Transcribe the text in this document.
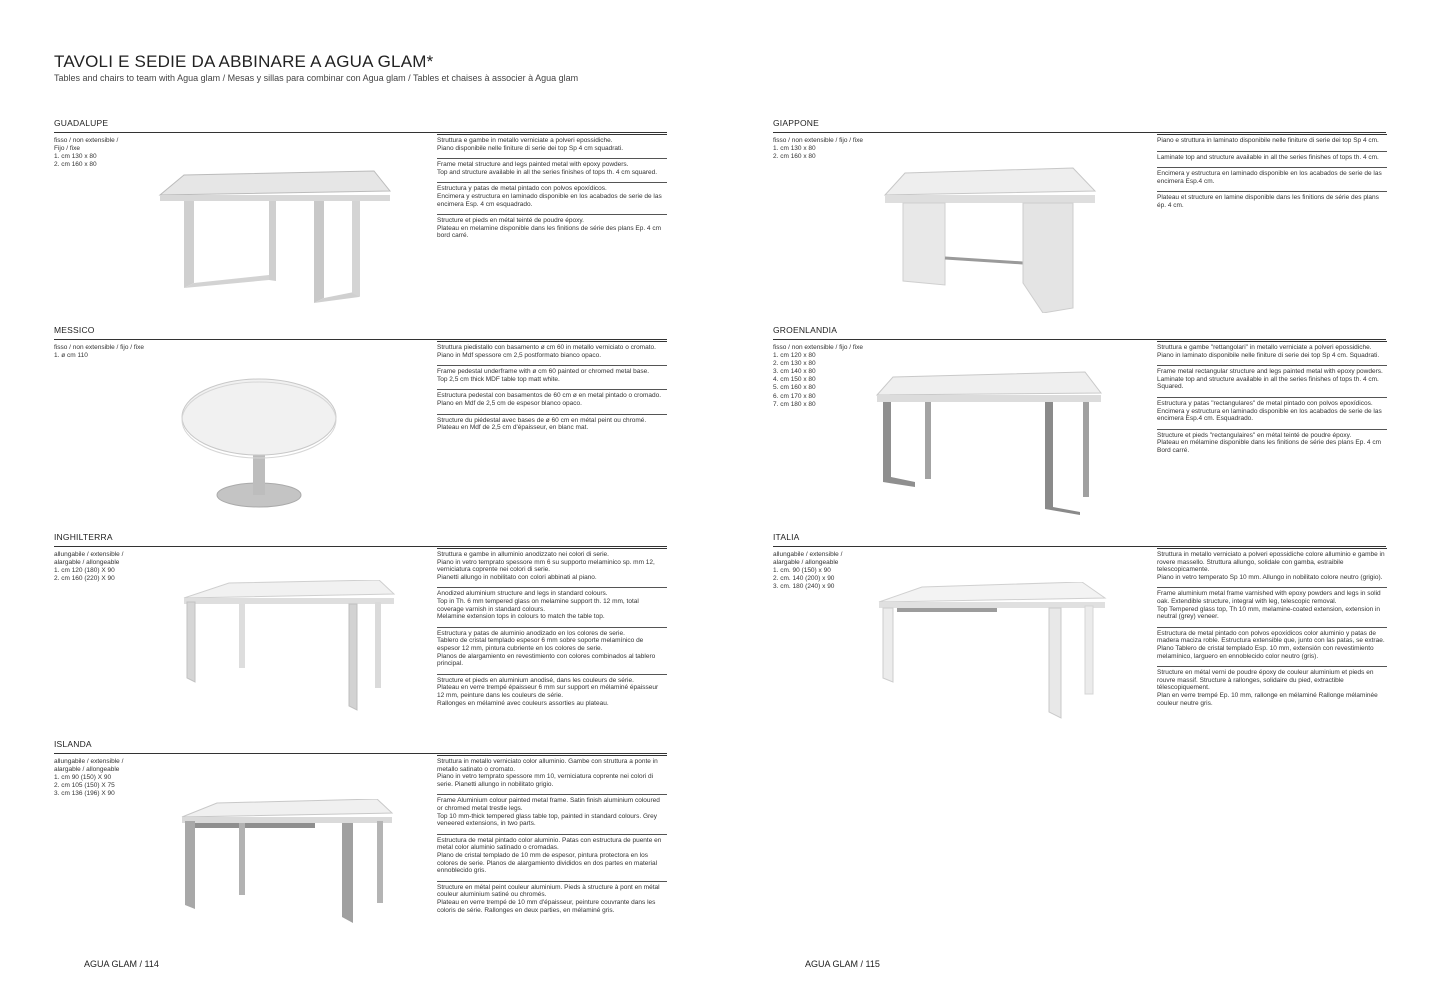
TAVOLI E SEDIE DA ABBINARE A AGUA GLAM*
Tables and chairs to team with Agua glam / Mesas y sillas para combinar con Agua glam / Tables et chaises à associer à Agua glam
GUADALUPE
fisso / non extensible /
Fijo / fixe
1. cm 130 x 80
2. cm 160 x 80
Struttura e gambe in metallo verniciate a polveri epossidiche.
Piano disponibile nelle finiture di serie dei top Sp 4 cm squadrati.
Frame metal structure and legs painted metal with epoxy powders.
Top and structure available in all the series finishes of tops th. 4 cm squared.
Estructura y patas de metal pintado con polvos epoxídicos.
Encimera y estructura en laminado disponible en los acabados de serie de las encimera Esp. 4 cm esquadrado.
Structure et pieds en métal teinté de poudre époxy.
Plateau en melamine disponible dans les finitions de série des plans Ep. 4 cm bord carré.
GIAPPONE
fisso / non extensible / fijo / fixe
1. cm 130 x 80
2. cm 160 x 80
Piano e struttura in laminato disponibile nelle finiture di serie dei top Sp 4 cm.
Laminate top and structure available in all the series finishes of tops th. 4 cm.
Encimera y estructura en laminado disponible en los acabados de serie de las encimera Esp.4 cm.
Plateau et structure en lamine disponible dans les finitions de série des plans ép. 4 cm.
MESSICO
fisso / non extensible / fijo / fixe
1. ø cm 110
Struttura piedistallo con basamento ø cm 60 in metallo verniciato o cromato.
Piano in Mdf spessore cm 2,5 postformato bianco opaco.
Frame pedestal underframe with ø cm 60 painted or chromed metal base.
Top 2,5 cm thick MDF table top matt white.
Estructura pedestal con basamentos de 60 cm ø en metal pintado o cromado.
Plano en Mdf de 2,5 cm de espesor blanco opaco.
Structure du piédestal avec bases de ø 60 cm en métal peint ou chromé.
Plateau en Mdf de 2,5 cm d'épaisseur, en blanc mat.
GROENLANDIA
fisso / non extensible / fijo / fixe
1. cm 120 x 80
2. cm 130 x 80
3. cm 140 x 80
4. cm 150 x 80
5. cm 160 x 80
6. cm 170 x 80
7. cm 180 x 80
Struttura e gambe "rettangolari" in metallo verniciate a polveri epossidiche.
Piano in laminato disponibile nelle finiture di serie dei top Sp 4 cm. Squadrati.
Frame metal rectangular structure and legs painted metal with epoxy powders.
Laminate top and structure available in all the series finishes of tops th. 4 cm. Squared.
Estructura y patas "rectangulares" de metal pintado con polvos epoxídicos.
Encimera y estructura en laminado disponible en los acabados de serie de las encimera Esp.4 cm. Esquadrado.
Structure et pieds "rectangulaires" en métal teinté de poudre époxy.
Plateau en mélamine disponible dans les finitions de série des plans Ep. 4 cm Bord carré.
INGHILTERRA
allungabile / extensible /
alargable / allongeable
1. cm 120 (180) X 90
2. cm 160 (220) X 90
Struttura e gambe in alluminio anodizzato nei colori di serie.
Piano in vetro temprato spessore mm 6 su supporto melaminico sp. mm 12, verniciatura coprente nei colori di serie.
Pianetti allungo in nobilitato con colori abbinati al piano.
Anodized aluminium structure and legs in standard colours.
Top in Th. 6 mm tempered glass on melamine support th. 12 mm, total coverage varnish in standard colours.
Melamine extension tops in colours to match the table top.
Estructura y patas de aluminio anodizado en los colores de serie.
Tablero de cristal templado espesor 6 mm sobre soporte melamínico de espesor 12 mm, pintura cubriente en los colores de serie.
Planos de alargamiento en revestimiento con colores combinados al tablero principal.
Structure et pieds en aluminium anodisé, dans les couleurs de série.
Plateau en verre trempé épaisseur 6 mm sur support en mélaminé épaisseur 12 mm, peinture dans les couleurs de série.
Rallonges en mélaminé avec couleurs assorties au plateau.
ITALIA
allungabile / extensible /
alargable / allongeable
1. cm. 90 (150) x 90
2. cm. 140 (200) x 90
3. cm. 180 (240) x 90
Struttura in metallo verniciato a polveri epossidiche colore alluminio e gambe in rovere massello. Struttura allungo, solidale con gamba, estraibile telescopicamente.
Piano in vetro temperato Sp 10 mm. Allungo in nobilitato colore neutro (grigio).
Frame aluminium metal frame varnished with epoxy powders and legs in solid oak. Extendible structure, integral with leg, telescopic removal.
Top Tempered glass top, Th 10 mm, melamine-coated extension, extension in neutral (grey) veneer.
Estructura de metal pintado con polvos epoxídicos color aluminio y patas de madera maciza roble. Estructura extensible que, junto con las patas, se extrae.
Plano Tablero de cristal templado Esp. 10 mm, extensión con revestimiento melamínico, larguero en ennoblecido color neutro (gris).
Structure en métal verni de poudre époxy de couleur aluminium et pieds en rouvre massif. Structure à rallonges, solidaire du pied, extractible télescopiquement.
Plan en verre trempé Ep. 10 mm, rallonge en mélaminé Rallonge mélaminée couleur neutre gris.
ISLANDA
allungabile / extensible /
alargable / allongeable
1. cm 90 (150) X 90
2. cm 105 (150) X 75
3. cm 136 (196) X 90
Struttura in metallo verniciato color alluminio. Gambe con struttura a ponte in metallo satinato o cromato.
Piano in vetro temprato spessore mm 10, verniciatura coprente nei colori di serie. Pianetti allungo in nobilitato grigio.
Frame Aluminium colour painted metal frame. Satin finish aluminium coloured or chromed metal trestle legs.
Top 10 mm-thick tempered glass table top, painted in standard colours. Grey veneered extensions, in two parts.
Estructura de metal pintado color aluminio. Patas con estructura de puente en metal color aluminio satinado o cromadas.
Plano de cristal templado de 10 mm de espesor, pintura protectora en los colores de serie. Planos de alargamiento divididos en dos partes en material ennoblecido gris.
Structure en métal peint couleur aluminium. Pieds à structure à pont en métal couleur aluminium satiné ou chromés.
Plateau en verre trempé de 10 mm d'épaisseur, peinture couvrante dans les coloris de série. Rallonges en deux parties, en mélaminé gris.
AGUA GLAM / 114	AGUA GLAM / 115
